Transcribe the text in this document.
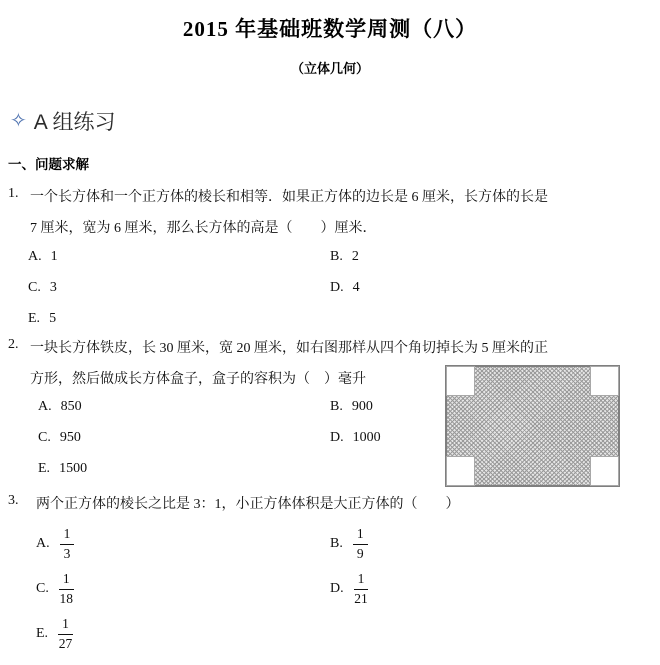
2015 年基础班数学周测（八）
（立体几何）
✧ A 组练习
一、问题求解
1. 一个长方体和一个正方体的棱长和相等．如果正方体的边长是 6 厘米，长方体的长是
7 厘米，宽为 6 厘米，那么长方体的高是（　　）厘米．
A. 1	B. 2
C. 3	D. 4
E. 5
2. 一块长方体铁皮，长 30 厘米，宽 20 厘米，如右图那样从四个角切掉长为 5 厘米的正
方形，然后做成长方体盒子，盒子的容积为（　）毫升
A. 850	B. 900
C. 950	D. 1000
E. 1500
3. 两个正方体的棱长之比是 3：1，小正方体体积是大正方体的（　　）
A. $\frac{1}{3}$	B. $\frac{1}{9}$
C. $\frac{1}{18}$	D. $\frac{1}{21}$
E. $\frac{1}{27}$
